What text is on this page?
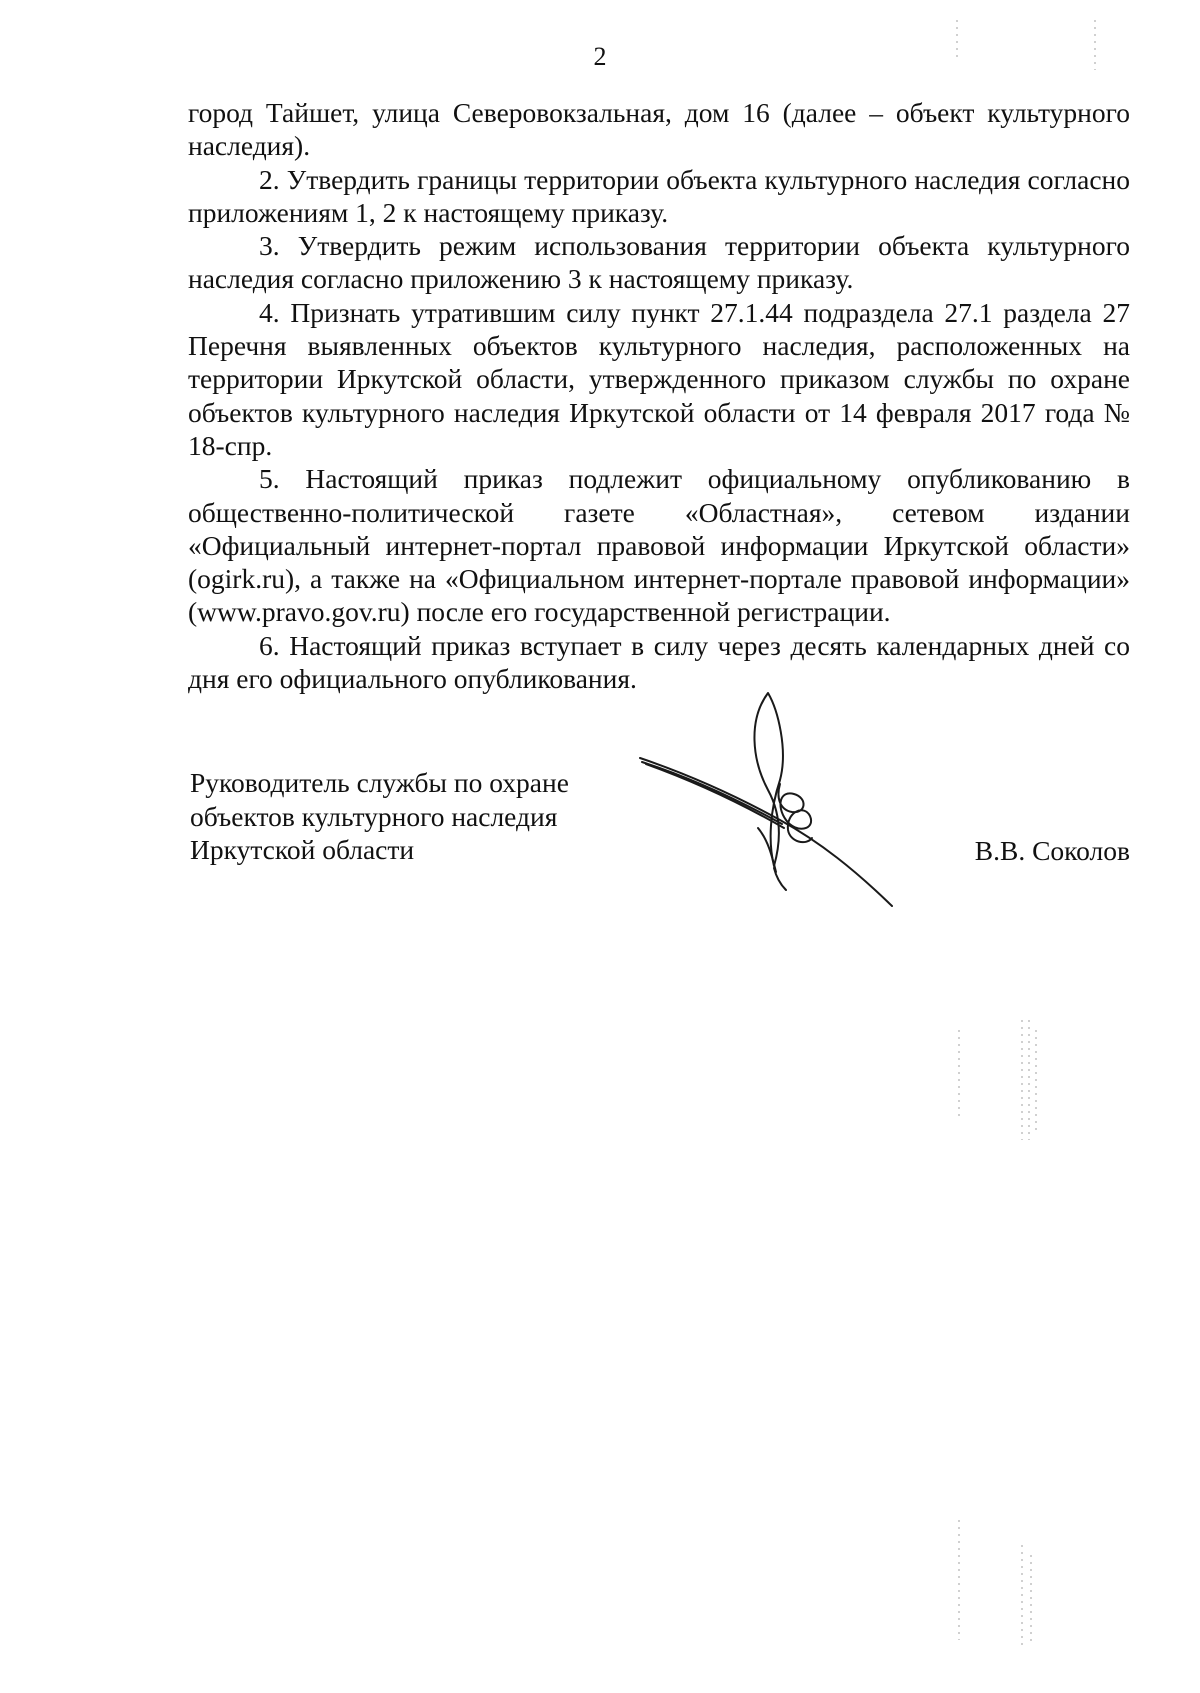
2

город Тайшет, улица Северовокзальная, дом 16 (далее – объект культурного наследия).

2. Утвердить границы территории объекта культурного наследия согласно приложениям 1, 2 к настоящему приказу.

3. Утвердить режим использования территории объекта культурного наследия согласно приложению 3 к настоящему приказу.

4. Признать утратившим силу пункт 27.1.44 подраздела 27.1 раздела 27 Перечня выявленных объектов культурного наследия, расположенных на территории Иркутской области, утвержденного приказом службы по охране объектов культурного наследия Иркутской области от 14 февраля 2017 года № 18-спр.

5. Настоящий приказ подлежит официальному опубликованию в общественно-политической газете «Областная», сетевом издании «Официальный интернет-портал правовой информации Иркутской области» (ogirk.ru), а также на «Официальном интернет-портале правовой информации» (www.pravo.gov.ru) после его государственной регистрации.

6. Настоящий приказ вступает в силу через десять календарных дней со дня его официального опубликования.

Руководитель службы по охране
объектов культурного наследия
Иркутской области	В.В. Соколов
